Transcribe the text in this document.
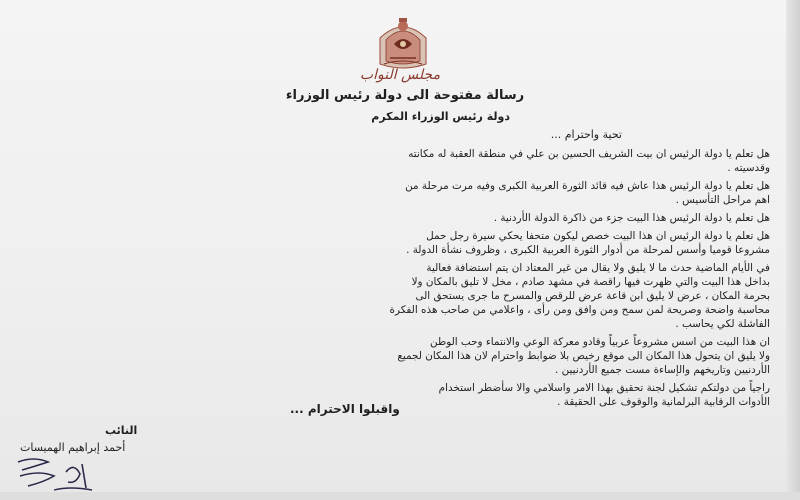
مجلس النواب
رسالة مفتوحة الى دولة رئيس الوزراء
دولة رئيس الوزراء المكرم
تحية واحترام ...
هل تعلم يا دولة الرئيس ان بيت الشريف الحسين بن علي في منطقة العقبة له مكانته
وقدسيته .
هل تعلم يا دولة الرئيس هذا عاش فيه قائد الثورة العربية الكبرى وفيه مرت مرحلة من
اهم مراحل التأسيس .
هل تعلم يا دولة الرئيس هذا البيت جزء من ذاكرة الدولة الأردنية .
هل تعلم يا دولة الرئيس ان هذا البيت خصص ليكون متحفا يحكي سيرة رجل حمل
مشروعا قوميا وأسس لمرحلة من أدوار الثورة العربية الكبرى ، وظروف نشأة الدولة .
في الأيام الماضية حدث ما لا يليق ولا يقال من غير المعتاد ان يتم استضافة فعالية
بداخل هذا البيت والتي ظهرت فيها راقصة في مشهد صادم ، مخل لا تليق بالمكان ولا
بحرمة المكان ، عرض لا يليق ابن قاعة عرض للرقص والمسرح ما جرى يستحق الى
محاسبة واضحة وصريحة لمن سمح ومن وافق ومن رأى ، واعلامي من صاحب هذه الفكرة
الفاشلة لكي يحاسب .
ان هذا البيت من اسس مشروعاً عربياً وقادو معركة الوعي والانتماء وحب الوطن
ولا يليق ان يتحول هذا المكان الى موقع رخيص بلا ضوابط واحترام لان هذا المكان لجميع
الأردنيين وتاريخهم والإساءة مست جميع الأردنيين .
راجياً من دولتكم تشكيل لجنة تحقيق بهذا الامر واسلامي والا سأضطر استخدام
الأدوات الرقابية البرلمانية والوقوف على الحقيقة .
واقبلوا الاحترام ...
النائب
أحمد إبراهيم الهميسات
